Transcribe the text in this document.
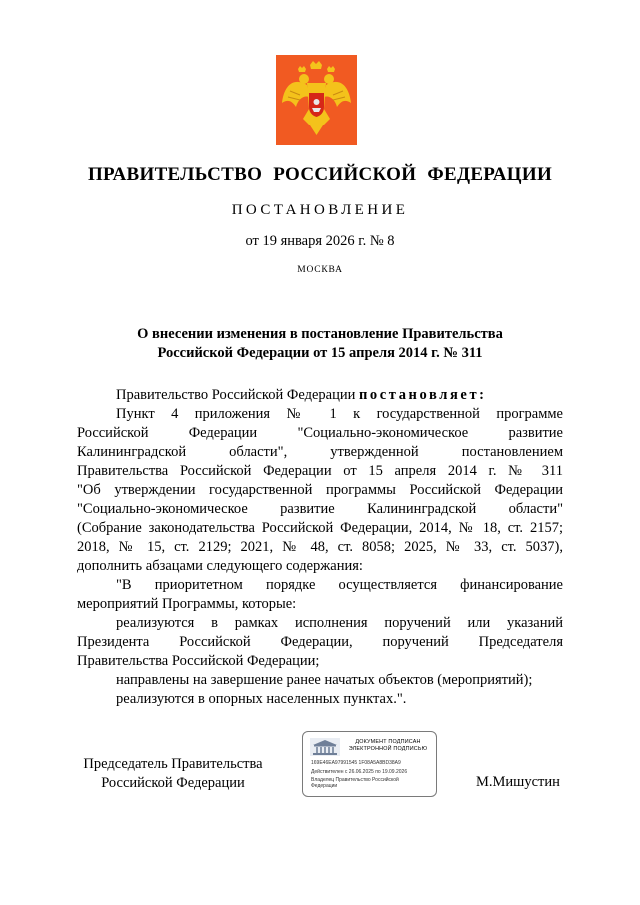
ПРАВИТЕЛЬСТВО РОССИЙСКОЙ ФЕДЕРАЦИИ
ПОСТАНОВЛЕНИЕ
от 19 января 2026 г. № 8
МОСКВА
О внесении изменения в постановление Правительства
Российской Федерации от 15 апреля 2014 г. № 311

Правительство Российской Федерации постановляет:

Пункт 4 приложения № 1 к государственной программе

Российской Федерации "Социально-экономическое развитие

Калининградской области", утвержденной постановлением

Правительства Российской Федерации от 15 апреля 2014 г. № 311

"Об утверждении государственной программы Российской Федерации

"Социально-экономическое развитие Калининградской области"

(Собрание законодательства Российской Федерации, 2014, № 18, ст. 2157;

2018, № 15, ст. 2129; 2021, № 48, ст. 8058; 2025, № 33, ст. 5037),

дополнить абзацами следующего содержания:

"В приоритетном порядке осуществляется финансирование

мероприятий Программы, которые:

реализуются в рамках исполнения поручений или указаний

Президента Российской Федерации, поручений Председателя

Правительства Российской Федерации;

направлены на завершение ранее начатых объектов (мероприятий);

реализуются в опорных населенных пунктах.".

Председатель Правительства
Российской Федерации
ДОКУМЕНТ ПОДПИСАН
ЭЛЕКТРОННОЙ ПОДПИСЬЮ
169E46EA97991545 1F08A5A8BD38A9
Действителен с 26.06.2025 по 19.09.2026
Владелец Правительство Российской
Федерации	М.Мишустин
